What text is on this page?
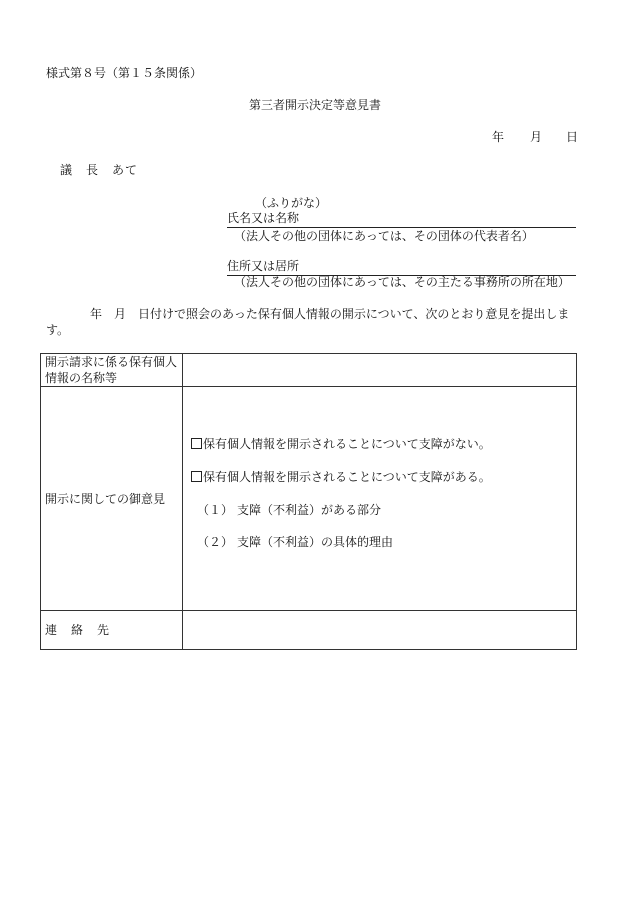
様式第８号（第１５条関係）
第三者開示決定等意見書
年 月 日
議　長　あて
（ふりがな）
氏名又は名称
（法人その他の団体にあっては、その団体の代表者名）
住所又は居所
（法人その他の団体にあっては、その主たる事務所の所在地）
年 月 日付けで照会のあった保有個人情報の開示について、次のとおり意見を提出します。
開示請求に係る保有個人情報の名称等	
開示に関しての御意見	保有個人情報を開示されることについて支障がない。
保有個人情報を開示されることについて支障がある。
（１） 支障（不利益）がある部分
（２） 支障（不利益）の具体的理由

連絡先	
